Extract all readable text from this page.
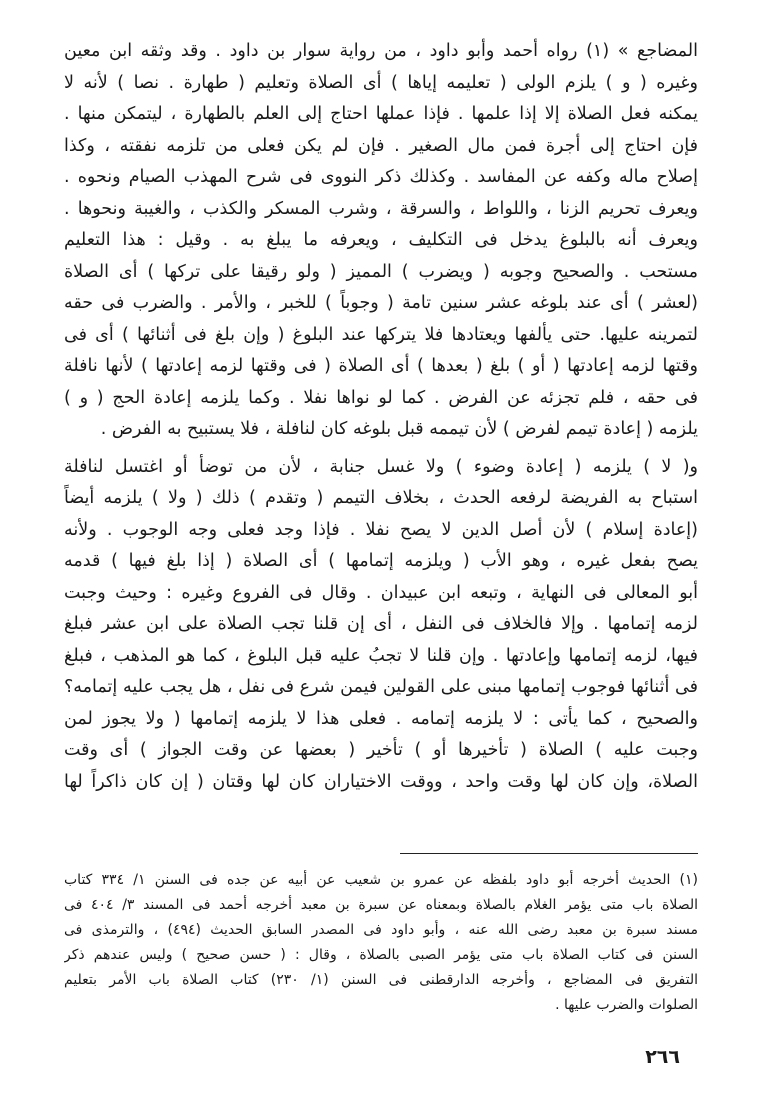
المضاجع » (١) رواه أحمد وأبو داود ، من رواية سوار بن داود . وقد وثقه ابن معين
وغيره ( و ) يلزم الولى ( تعليمه إياها ) أى الصلاة وتعليم ( طهارة . نصا ) لأنه لا
يمكنه فعل الصلاة إلا إذا علمها . فإذا عملها احتاج إلى العلم بالطهارة ، ليتمكن منها .
فإن احتاج إلى أجرة فمن مال الصغير . فإن لم يكن فعلى من تلزمه نفقته ، وكذا
إصلاح ماله وكفه عن المفاسد . وكذلك ذكر النووى فى شرح المهذب الصيام ونحوه .
ويعرف تحريم الزنا ، واللواط ، والسرقة ، وشرب المسكر والكذب ، والغيبة ونحوها .
ويعرف أنه بالبلوغ يدخل فى التكليف ، ويعرفه ما يبلغ به . وقيل : هذا التعليم
مستحب . والصحيح وجوبه ( ويضرب ) المميز ( ولو رقيقا على تركها ) أى الصلاة
(لعشر ) أى عند بلوغه عشر سنين تامة ( وجوباً ) للخبر ، والأمر . والضرب فى حقه
لتمرينه عليها. حتى يألفها ويعتادها فلا يتركها عند البلوغ ( وإن بلغ فى أثنائها ) أى فى
وقتها لزمه إعادتها ( أو ) بلغ ( بعدها ) أى الصلاة ( فى وقتها لزمه إعادتها ) لأنها نافلة
فى حقه ، فلم تجزئه عن الفرض . كما لو نواها نفلا . وكما يلزمه إعادة الحج ( و )
يلزمه ( إعادة تيمم لفرض ) لأن تيممه قبل بلوغه كان لنافلة ، فلا يستبيح به الفرض .
و( لا ) يلزمه ( إعادة وضوء ) ولا غسل جنابة ، لأن من توضأ أو اغتسل لنافلة
استباح به الفريضة لرفعه الحدث ، بخلاف التيمم ( وتقدم ) ذلك ( ولا ) يلزمه أيضاً
(إعادة إسلام ) لأن أصل الدين لا يصح نفلا . فإذا وجد فعلى وجه الوجوب . ولأنه
يصح بفعل غيره ، وهو الأب ( ويلزمه إتمامها ) أى الصلاة ( إذا بلغ فيها ) قدمه
أبو المعالى فى النهاية ، وتبعه ابن عبيدان . وقال فى الفروع وغيره : وحيث وجبت
لزمه إتمامها . وإلا فالخلاف فى النفل ، أى إن قلنا تجب الصلاة على ابن عشر فبلغ
فيها، لزمه إتمامها وإعادتها . وإن قلنا لا تجبُ عليه قبل البلوغ ، كما هو المذهب ، فبلغ
فى أثنائها فوجوب إتمامها مبنى على القولين فيمن شرع فى نفل ، هل يجب عليه إتمامه؟
والصحيح ، كما يأتى : لا يلزمه إتمامه . فعلى هذا لا يلزمه إتمامها ( ولا يجوز لمن
وجبت عليه ) الصلاة ( تأخيرها أو ) تأخير ( بعضها عن وقت الجواز ) أى وقت
الصلاة، وإن كان لها وقت واحد ، ووقت الاختياران كان لها وقتان ( إن كان ذاكراً لها
(١) الحديث أخرجه أبو داود بلفظه عن عمرو بن شعيب عن أبيه عن جده فى السنن ١/ ٣٣٤ كتاب
الصلاة باب متى يؤمر الغلام بالصلاة وبمعناه عن سبرة بن معبد أخرجه أحمد فى المسند ٣/ ٤٠٤ فى
مسند سبرة بن معبد رضى الله عنه ، وأبو داود فى المصدر السابق الحديث (٤٩٤) ، والترمذى فى
السنن فى كتاب الصلاة باب متى يؤمر الصبى بالصلاة ، وقال : ( حسن صحيح ) وليس عندهم ذكر
التفريق فى المضاجع ، وأخرجه الدارقطنى فى السنن (١/ ٢٣٠) كتاب الصلاة باب الأمر بتعليم
الصلوات والضرب عليها .
٢٦٦
